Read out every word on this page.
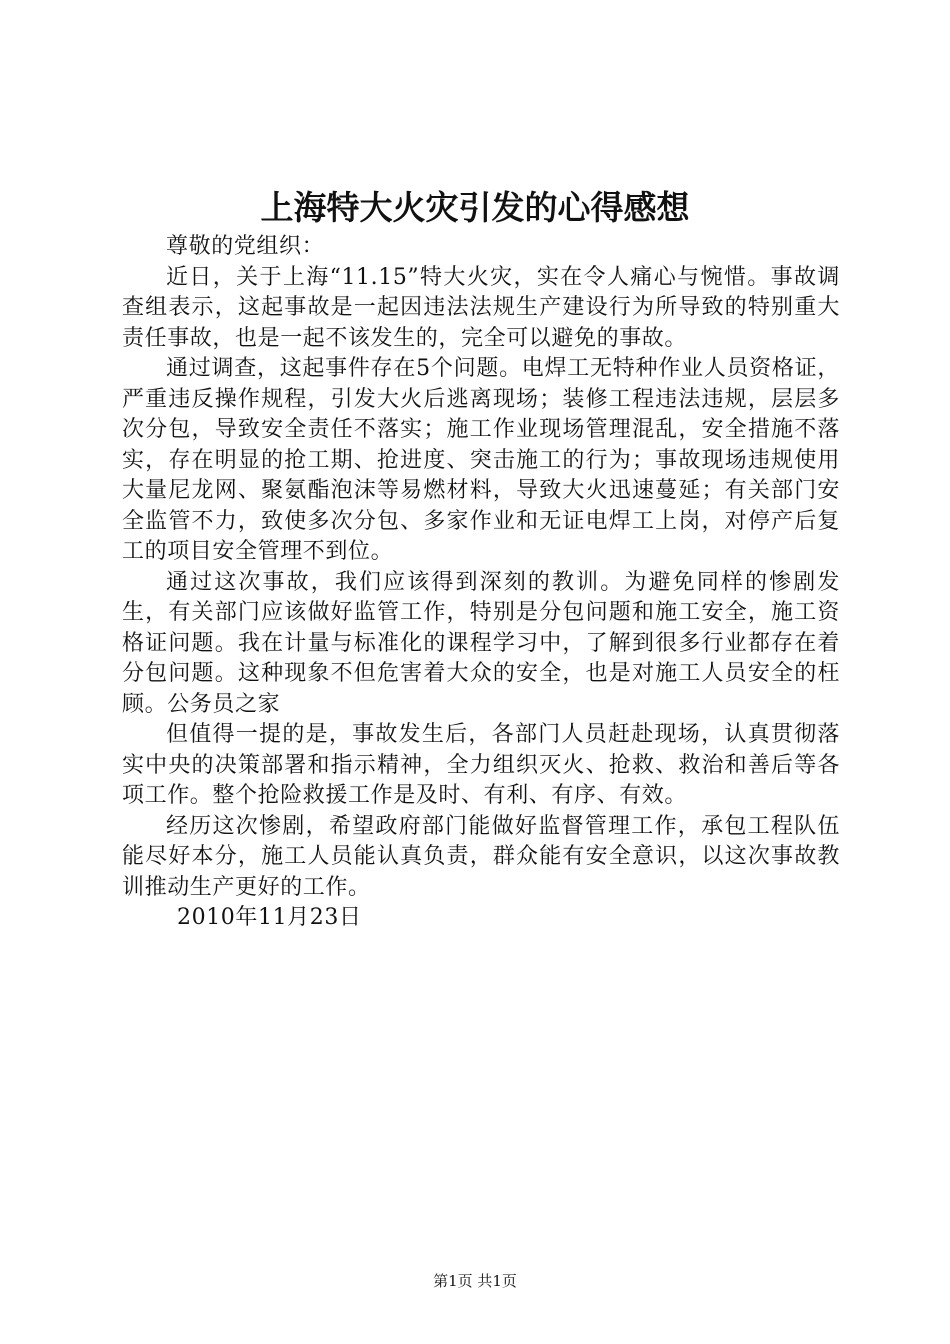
上海特大火灾引发的心得感想

尊敬的党组织：

近日，关于上海“11.15”特大火灾，实在令人痛心与惋惜。事故调查组表示，这起事故是一起因违法法规生产建设行为所导致的特别重大责任事故，也是一起不该发生的，完全可以避免的事故。

通过调查，这起事件存在5个问题。电焊工无特种作业人员资格证，严重违反操作规程，引发大火后逃离现场；装修工程违法违规，层层多次分包，导致安全责任不落实；施工作业现场管理混乱，安全措施不落实，存在明显的抢工期、抢进度、突击施工的行为；事故现场违规使用大量尼龙网、聚氨酯泡沫等易燃材料，导致大火迅速蔓延；有关部门安全监管不力，致使多次分包、多家作业和无证电焊工上岗，对停产后复工的项目安全管理不到位。

通过这次事故，我们应该得到深刻的教训。为避免同样的惨剧发生，有关部门应该做好监管工作，特别是分包问题和施工安全，施工资格证问题。我在计量与标准化的课程学习中，了解到很多行业都存在着分包问题。这种现象不但危害着大众的安全，也是对施工人员安全的枉顾。公务员之家

但值得一提的是，事故发生后，各部门人员赶赴现场，认真贯彻落实中央的决策部署和指示精神，全力组织灭火、抢救、救治和善后等各项工作。整个抢险救援工作是及时、有利、有序、有效。

经历这次惨剧，希望政府部门能做好监督管理工作，承包工程队伍能尽好本分，施工人员能认真负责，群众能有安全意识，以这次事故教训推动生产更好的工作。

2010年11月23日

第1页 共1页
